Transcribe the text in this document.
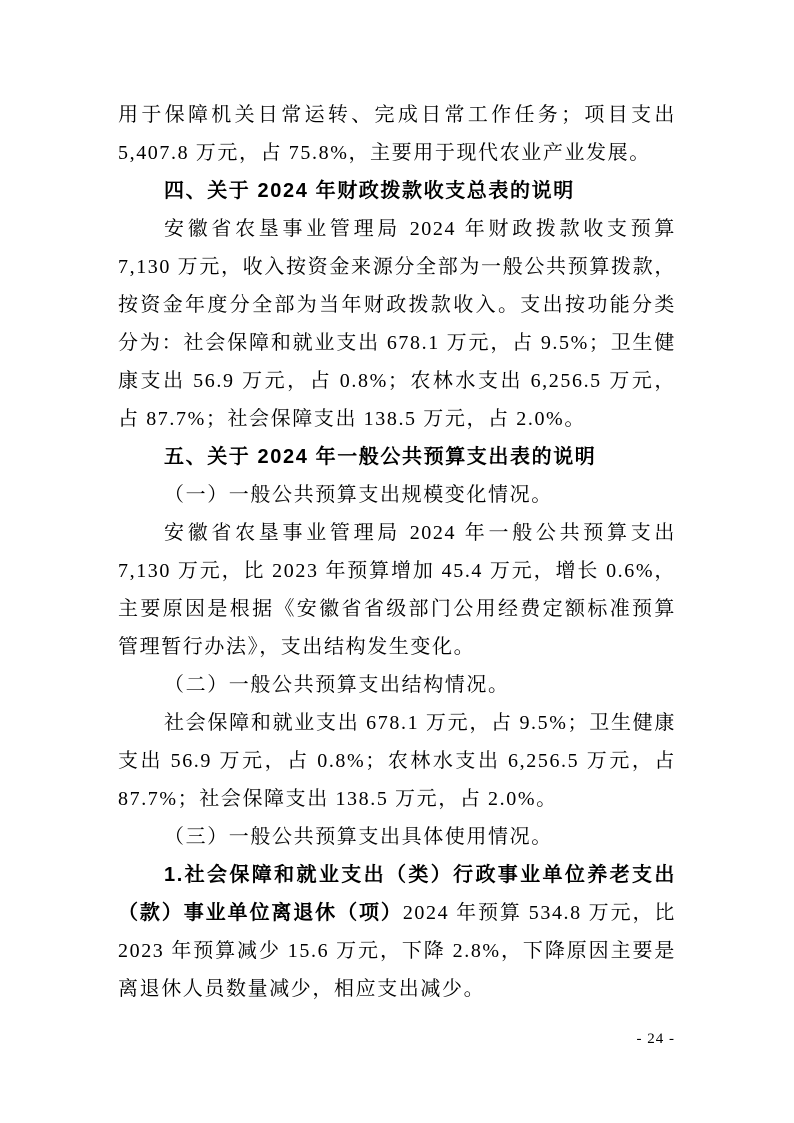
用于保障机关日常运转、完成日常工作任务；项目支出 5,407.8 万元，占 75.8%，主要用于现代农业产业发展。

四、关于 2024 年财政拨款收支总表的说明

安徽省农垦事业管理局 2024 年财政拨款收支预算 7,130 万元，收入按资金来源分全部为一般公共预算拨款，按资金年度分全部为当年财政拨款收入。支出按功能分类分为：社会保障和就业支出 678.1 万元，占 9.5%；卫生健康支出 56.9 万元，占 0.8%；农林水支出 6,256.5 万元，占 87.7%；社会保障支出 138.5 万元，占 2.0%。

五、关于 2024 年一般公共预算支出表的说明

（一）一般公共预算支出规模变化情况。

安徽省农垦事业管理局 2024 年一般公共预算支出 7,130 万元，比 2023 年预算增加 45.4 万元，增长 0.6%，主要原因是根据《安徽省省级部门公用经费定额标准预算管理暂行办法》，支出结构发生变化。

（二）一般公共预算支出结构情况。

社会保障和就业支出 678.1 万元，占 9.5%；卫生健康支出 56.9 万元，占 0.8%；农林水支出 6,256.5 万元，占 87.7%；社会保障支出 138.5 万元，占 2.0%。

（三）一般公共预算支出具体使用情况。

1.社会保障和就业支出（类）行政事业单位养老支出（款）事业单位离退休（项）2024 年预算 534.8 万元，比 2023 年预算减少 15.6 万元，下降 2.8%，下降原因主要是离退休人员数量减少，相应支出减少。

- 24 -
